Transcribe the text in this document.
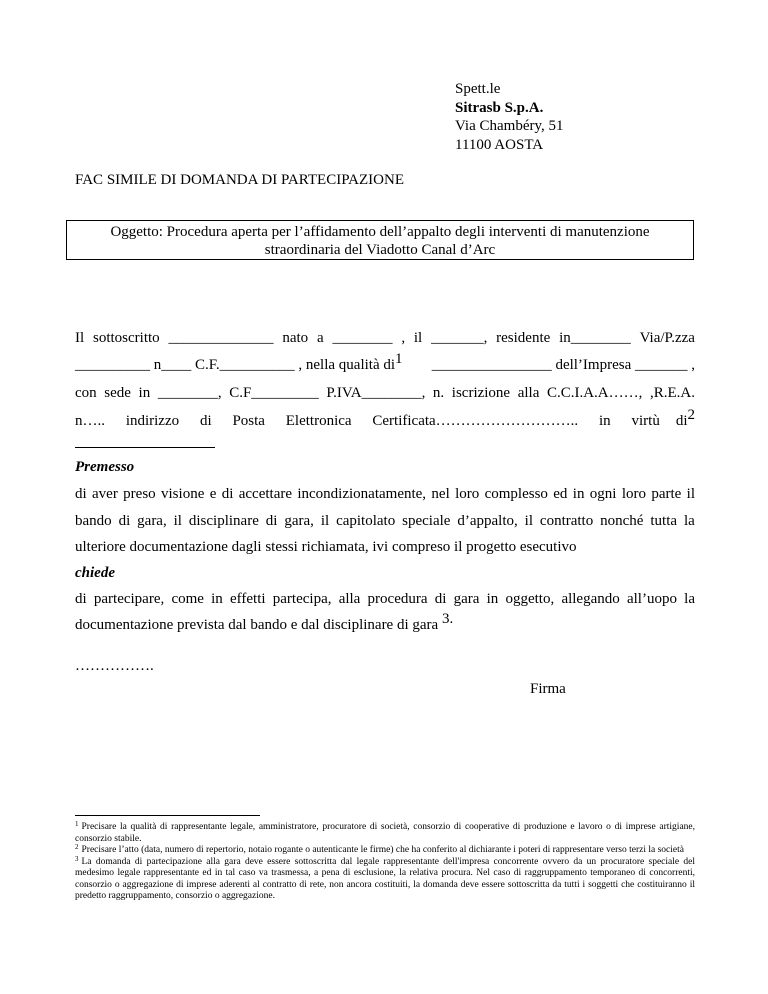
Spett.le
Sitrasb S.p.A.
Via Chambéry, 51
11100 AOSTA
FAC SIMILE DI DOMANDA DI PARTECIPAZIONE
Oggetto: Procedura aperta per l’affidamento dell’appalto degli interventi di manutenzione
straordinaria del Viadotto Canal d’Arc
Il sottoscritto ______________ nato a ________ , il _______, residente in________ Via/P.zza
__________ n____ C.F.__________ , nella qualità di$^1$ ________________ dell’Impresa _______ ,
con sede in ________, C.F_________ P.IVA________, n. iscrizione alla C.C.I.A.A……, ,R.E.A.
n….. indirizzo di Posta Elettronica Certificata……………………….. in virtù di$^2$
Premesso
di aver preso visione e di accettare incondizionatamente, nel loro complesso ed in ogni loro parte il
bando di gara, il disciplinare di gara, il capitolato speciale d’appalto, il contratto nonché tutta la
ulteriore documentazione dagli stessi richiamata, ivi compreso il progetto esecutivo
chiede
di partecipare, come in effetti partecipa, alla procedura di gara in oggetto, allegando all’uopo la
documentazione prevista dal bando e dal disciplinare di gara $^{3.}$
…………….
Firma

$^1$ Precisare la qualità di rappresentante legale, amministratore, procuratore di società, consorzio di cooperative di produzione e lavoro o di imprese artigiane, consorzio stabile.

$^2$ Precisare l’atto (data, numero di repertorio, notaio rogante o autenticante le firme) che ha conferito al dichiarante i poteri di rappresentare verso terzi la società

$^3$ La domanda di partecipazione alla gara deve essere sottoscritta dal legale rappresentante dell'impresa concorrente ovvero da un procuratore speciale del medesimo legale rappresentante ed in tal caso va trasmessa, a pena di esclusione, la relativa procura. Nel caso di raggruppamento temporaneo di concorrenti, consorzio o aggregazione di imprese aderenti al contratto di rete, non ancora costituiti, la domanda deve essere sottoscritta da tutti i soggetti che costituiranno il predetto raggruppamento, consorzio o aggregazione.
